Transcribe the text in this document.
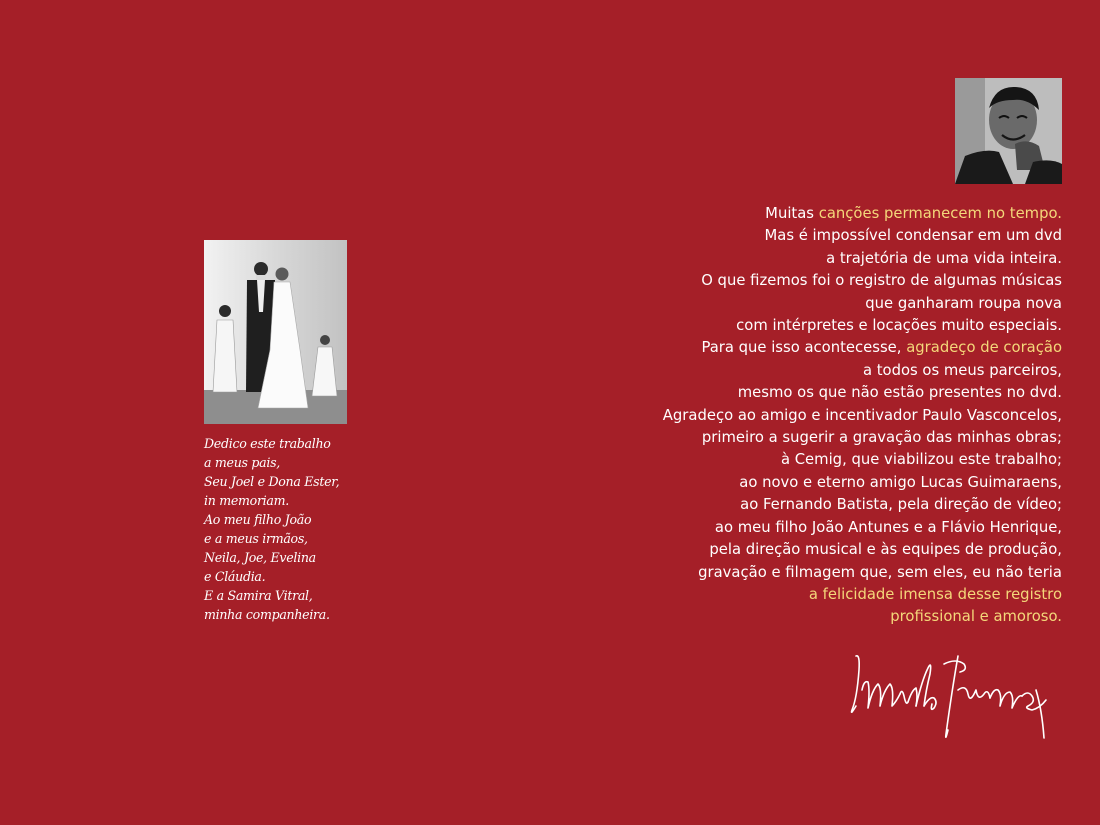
Dedico este trabalho
a meus pais,
Seu Joel e Dona Ester,
in memoriam.
Ao meu filho João
e a meus irmãos,
Neila, Joe, Evelina
e Cláudia.
E a Samira Vitral,
minha companheira.
Muitas canções permanecem no tempo.
Mas é impossível condensar em um dvd
a trajetória de uma vida inteira.
O que fizemos foi o registro de algumas músicas
que ganharam roupa nova
com intérpretes e locações muito especiais.
Para que isso acontecesse, agradeço de coração
a todos os meus parceiros,
mesmo os que não estão presentes no dvd.
Agradeço ao amigo e incentivador Paulo Vasconcelos,
primeiro a sugerir a gravação das minhas obras;
à Cemig, que viabilizou este trabalho;
ao novo e eterno amigo Lucas Guimaraens,
ao Fernando Batista, pela direção de vídeo;
ao meu filho João Antunes e a Flávio Henrique,
pela direção musical e às equipes de produção,
gravação e filmagem que, sem eles, eu não teria
a felicidade imensa desse registro
profissional e amoroso.
